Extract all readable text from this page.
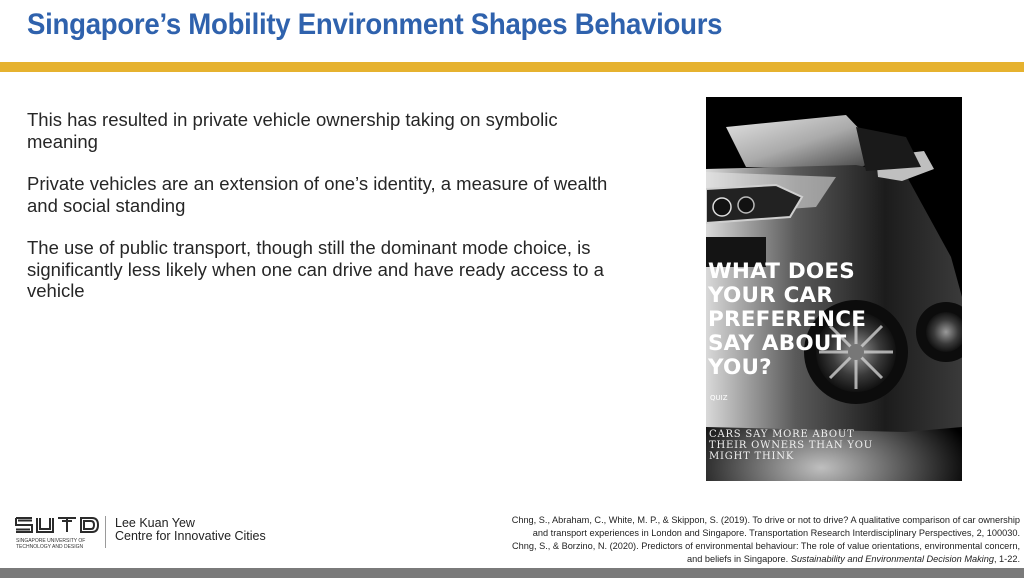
Singapore’s Mobility Environment Shapes Behaviours

This has resulted in private vehicle ownership taking on symbolic meaning

Private vehicles are an extension of one’s identity, a measure of wealth and social standing

The use of public transport, though still the dominant mode choice, is significantly less likely when one can drive and have ready access to a vehicle

WHAT DOES
YOUR CAR
PREFERENCE
SAY ABOUT
YOU?
QUIZ
CARS SAY MORE ABOUT
THEIR OWNERS THAN YOU
MIGHT THINK
SINGAPORE UNIVERSITY OF
TECHNOLOGY AND DESIGN
Lee Kuan Yew
Centre for Innovative Cities

Chng, S., Abraham, C., White, M. P., & Skippon, S. (2019). To drive or not to drive? A qualitative comparison of car ownership

and transport experiences in London and Singapore. Transportation Research Interdisciplinary Perspectives, 2, 100030.

Chng, S., & Borzino, N. (2020). Predictors of environmental behaviour: The role of value orientations, environmental concern,

and beliefs in Singapore. Sustainability and Environmental Decision Making, 1-22.
